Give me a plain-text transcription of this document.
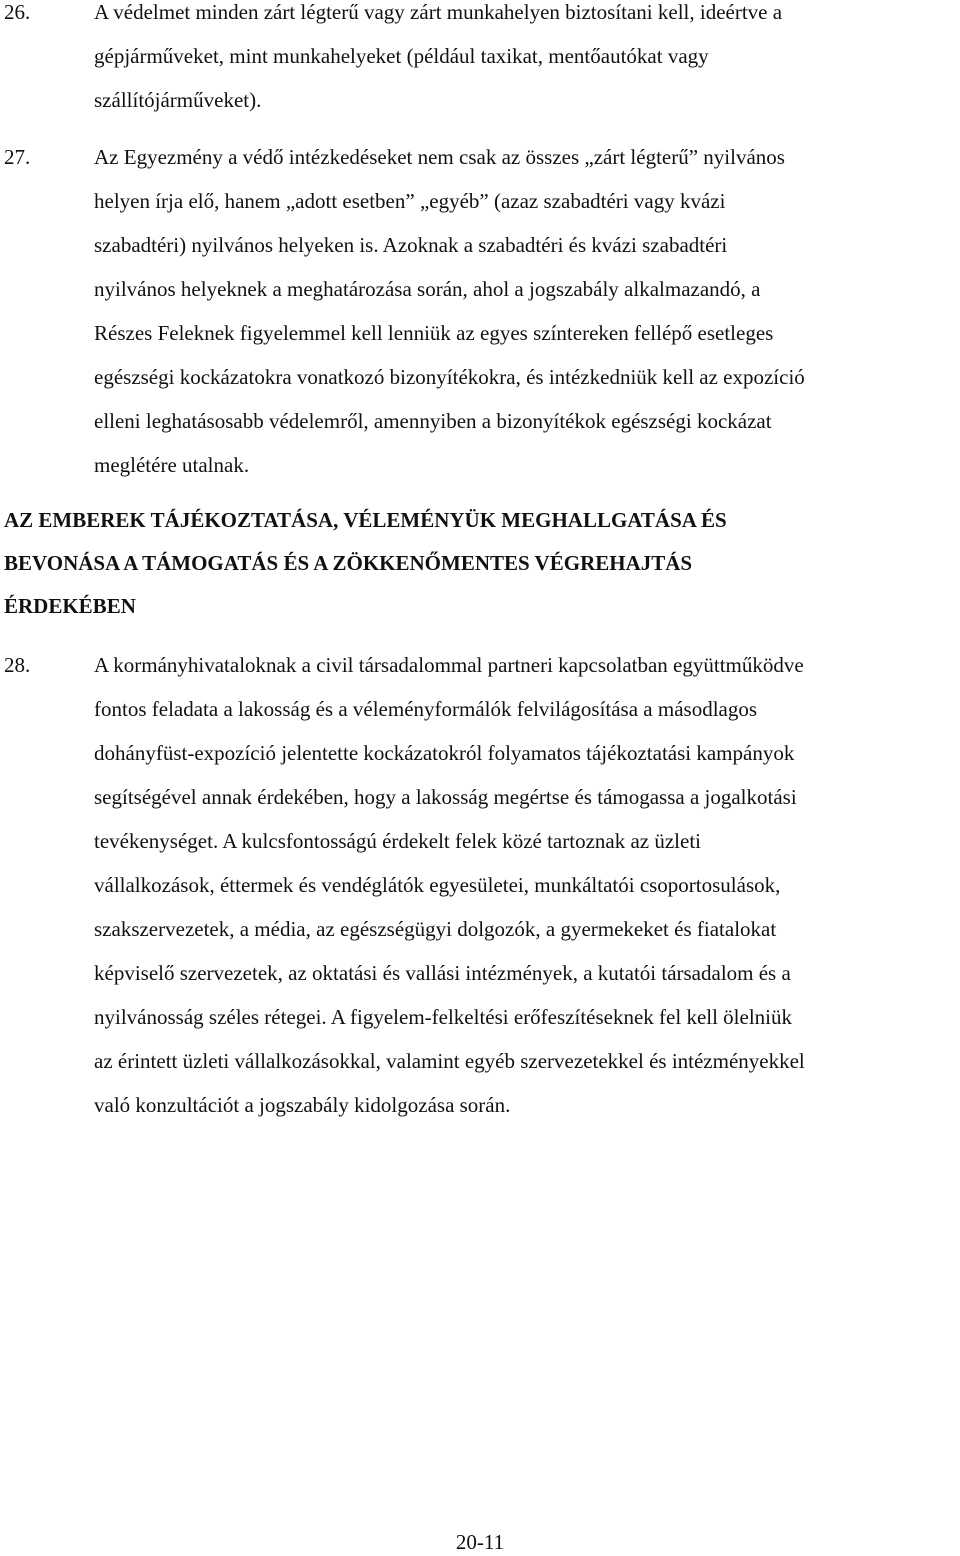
26.	A védelmet minden zárt légterű vagy zárt munkahelyen biztosítani kell, ideértve a
gépjárműveket, mint munkahelyeket (például taxikat, mentőautókat vagy
szállítójárműveket).
27.	Az Egyezmény a védő intézkedéseket nem csak az összes „zárt légterű” nyilvános
helyen írja elő, hanem „adott esetben” „egyéb” (azaz szabadtéri vagy kvázi
szabadtéri) nyilvános helyeken is. Azoknak a szabadtéri és kvázi szabadtéri
nyilvános helyeknek a meghatározása során, ahol a jogszabály alkalmazandó, a
Részes Feleknek figyelemmel kell lenniük az egyes színtereken fellépő esetleges
egészségi kockázatokra vonatkozó bizonyítékokra, és intézkedniük kell az expozíció
elleni leghatásosabb védelemről, amennyiben a bizonyítékok egészségi kockázat
meglétére utalnak.
AZ EMBEREK TÁJÉKOZTATÁSA, VÉLEMÉNYÜK MEGHALLGATÁSA ÉS
BEVONÁSA A TÁMOGATÁS ÉS A ZÖKKENŐMENTES VÉGREHAJTÁS
ÉRDEKÉBEN
28.	A kormányhivataloknak a civil társadalommal partneri kapcsolatban együttműködve
fontos feladata a lakosság és a véleményformálók felvilágosítása a másodlagos
dohányfüst-expozíció jelentette kockázatokról folyamatos tájékoztatási kampányok
segítségével annak érdekében, hogy a lakosság megértse és támogassa a jogalkotási
tevékenységet. A kulcsfontosságú érdekelt felek közé tartoznak az üzleti
vállalkozások, éttermek és vendéglátók egyesületei, munkáltatói csoportosulások,
szakszervezetek, a média, az egészségügyi dolgozók, a gyermekeket és fiatalokat
képviselő szervezetek, az oktatási és vallási intézmények, a kutatói társadalom és a
nyilvánosság széles rétegei. A figyelem-felkeltési erőfeszítéseknek fel kell ölelniük
az érintett üzleti vállalkozásokkal, valamint egyéb szervezetekkel és intézményekkel
való konzultációt a jogszabály kidolgozása során.
20-11
